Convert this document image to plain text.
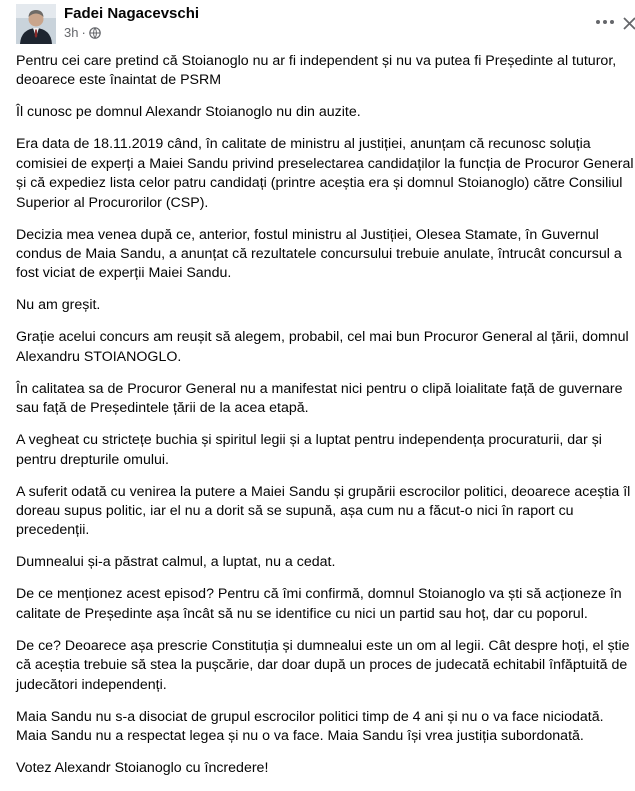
Fadei Nagacevschi
3h ·

Pentru cei care pretind că Stoianoglo nu ar fi independent și nu va putea fi Președinte al tuturor,
deoarece este înaintat de PSRM

Îl cunosc pe domnul Alexandr Stoianoglo nu din auzite.

Era data de 18.11.2019 când, în calitate de ministru al justiției, anunțam că recunosc soluția
comisiei de experți a Maiei Sandu privind preselectarea candidaților la funcția de Procuror General
și că expediez lista celor patru candidați (printre aceștia era și domnul Stoianoglo) către Consiliul
Superior al Procurorilor (CSP).

Decizia mea venea după ce, anterior, fostul ministru al Justiției, Olesea Stamate, în Guvernul
condus de Maia Sandu, a anunțat că rezultatele concursului trebuie anulate, întrucât concursul a
fost viciat de experții Maiei Sandu.

Nu am greșit.

Grație acelui concurs am reușit să alegem, probabil, cel mai bun Procuror General al țării, domnul
Alexandru STOIANOGLO.

În calitatea sa de Procuror General nu a manifestat nici pentru o clipă loialitate față de guvernare
sau față de Președintele țării de la acea etapă.

A vegheat cu strictețe buchia și spiritul legii și a luptat pentru independența procuraturii, dar și
pentru drepturile omului.

A suferit odată cu venirea la putere a Maiei Sandu și grupării escrocilor politici, deoarece aceștia îl
doreau supus politic, iar el nu a dorit să se supună, așa cum nu a făcut-o nici în raport cu
precedenții.

Dumnealui și-a păstrat calmul, a luptat, nu a cedat.

De ce menționez acest episod? Pentru că îmi confirmă, domnul Stoianoglo va ști să acționeze în
calitate de Președinte așa încât să nu se identifice cu nici un partid sau hoț, dar cu poporul.

De ce? Deoarece așa prescrie Constituția și dumnealui este un om al legii. Cât despre hoți, el știe
că aceștia trebuie să stea la pușcărie, dar doar după un proces de judecată echitabil înfăptuită de
judecători independenți.

Maia Sandu nu s-a disociat de grupul escrocilor politici timp de 4 ani și nu o va face niciodată.
Maia Sandu nu a respectat legea și nu o va face. Maia Sandu își vrea justiția subordonată.

Votez Alexandr Stoianoglo cu încredere!
